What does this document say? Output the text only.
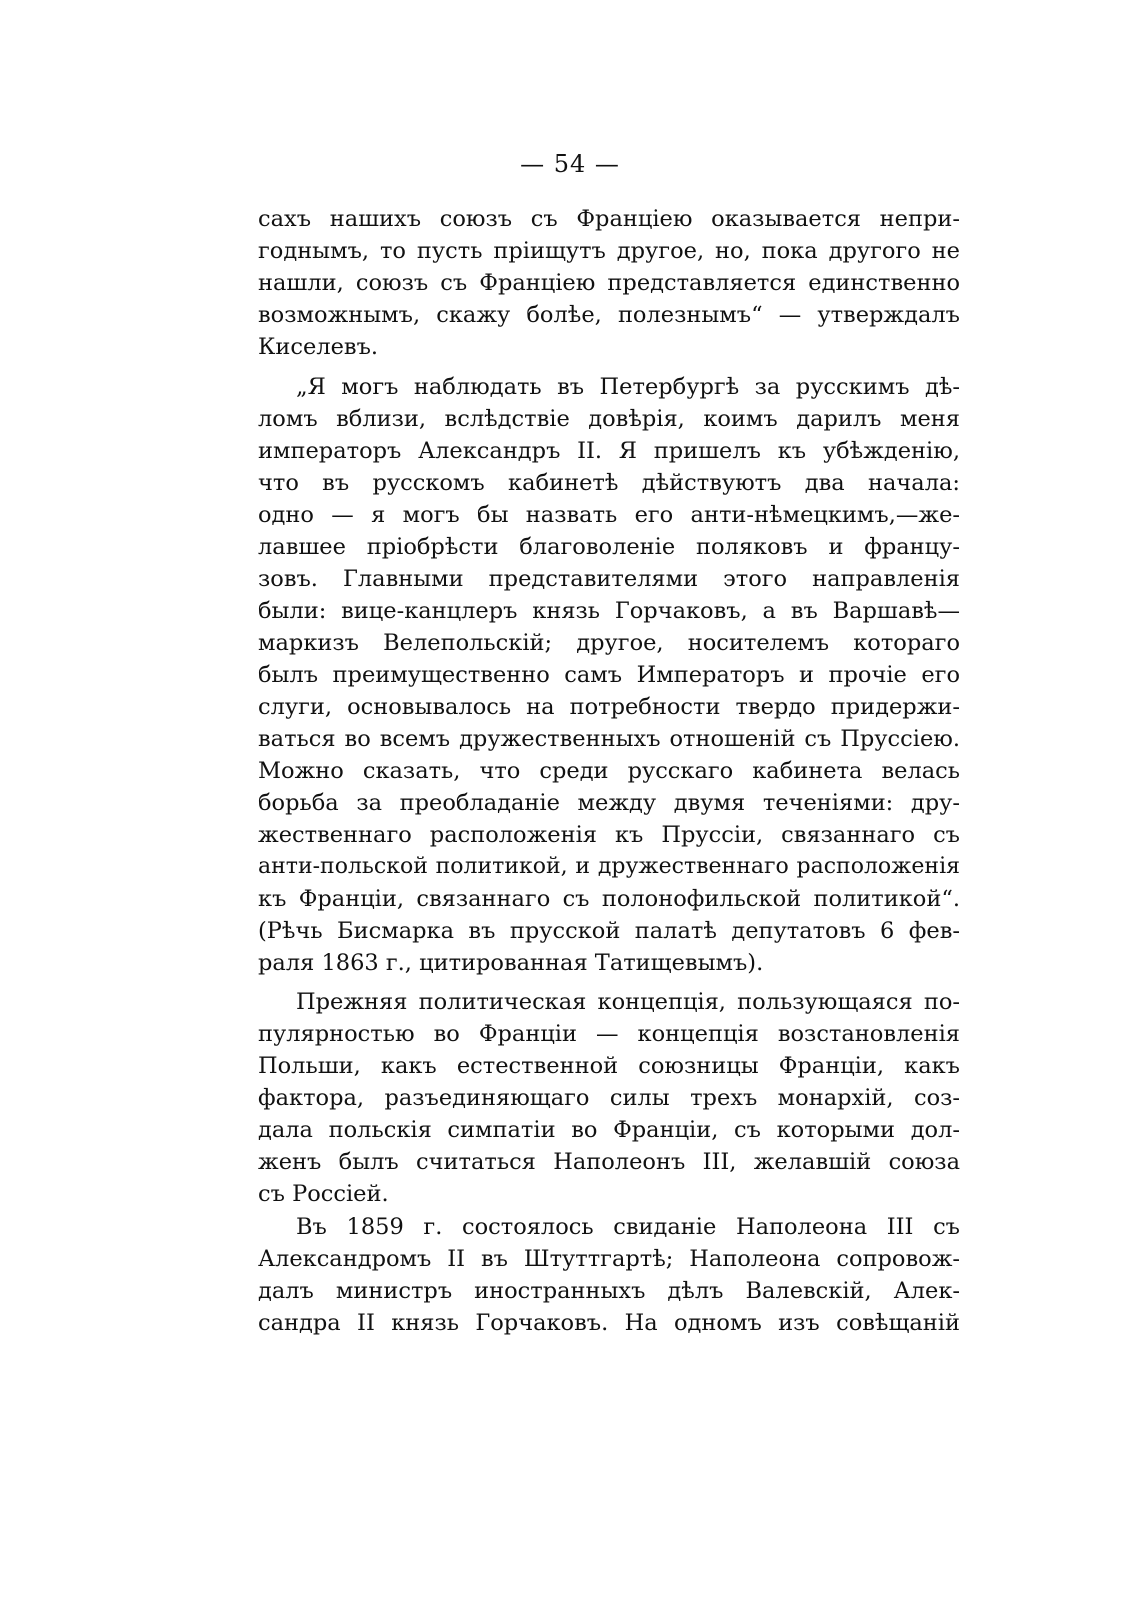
— 54 —
сахъ нашихъ союзъ съ Франціею оказывается непри-
годнымъ, то пусть пріищутъ другое, но, пока другого не
нашли, союзъ съ Франціею представляется единственно
возможнымъ, скажу болѣе, полезнымъ“ — утверждалъ
Киселевъ.
„Я могъ наблюдать въ Петербургѣ за русскимъ дѣ-
ломъ вблизи, вслѣдствіе довѣрія, коимъ дарилъ меня
императоръ Александръ II. Я пришелъ къ убѣжденію,
что въ русскомъ кабинетѣ дѣйствуютъ два начала:
одно — я могъ бы назвать его анти-нѣмецкимъ,—же-
лавшее пріобрѣсти благоволеніе поляковъ и францу-
зовъ. Главными представителями этого направленія
были: вице-канцлеръ князь Горчаковъ, а въ Варшавѣ—
маркизъ Велепольскій; другое, носителемъ котораго
былъ преимущественно самъ Императоръ и прочіе его
слуги, основывалось на потребности твердо придержи-
ваться во всемъ дружественныхъ отношеній съ Пруссіею.
Можно сказать, что среди русскаго кабинета велась
борьба за преобладаніе между двумя теченіями: дру-
жественнаго расположенія къ Пруссіи, связаннаго съ
анти-польской политикой, и дружественнаго расположенія
къ Франціи, связаннаго съ полонофильской политикой“.
(Рѣчь Бисмарка въ прусской палатѣ депутатовъ 6 фев-
раля 1863 г., цитированная Татищевымъ).
Прежняя политическая концепція, пользующаяся по-
пулярностью во Франціи — концепція возстановленія
Польши, какъ естественной союзницы Франціи, какъ
фактора, разъединяющаго силы трехъ монархій, соз-
дала польскія симпатіи во Франціи, съ которыми дол-
женъ былъ считаться Наполеонъ III, желавшій союза
съ Россіей.
Въ 1859 г. состоялось свиданіе Наполеона III съ
Александромъ II въ Штуттгартѣ; Наполеона сопровож-
далъ министръ иностранныхъ дѣлъ Валевскій, Алек-
сандра II князь Горчаковъ. На одномъ изъ совѣщаній
